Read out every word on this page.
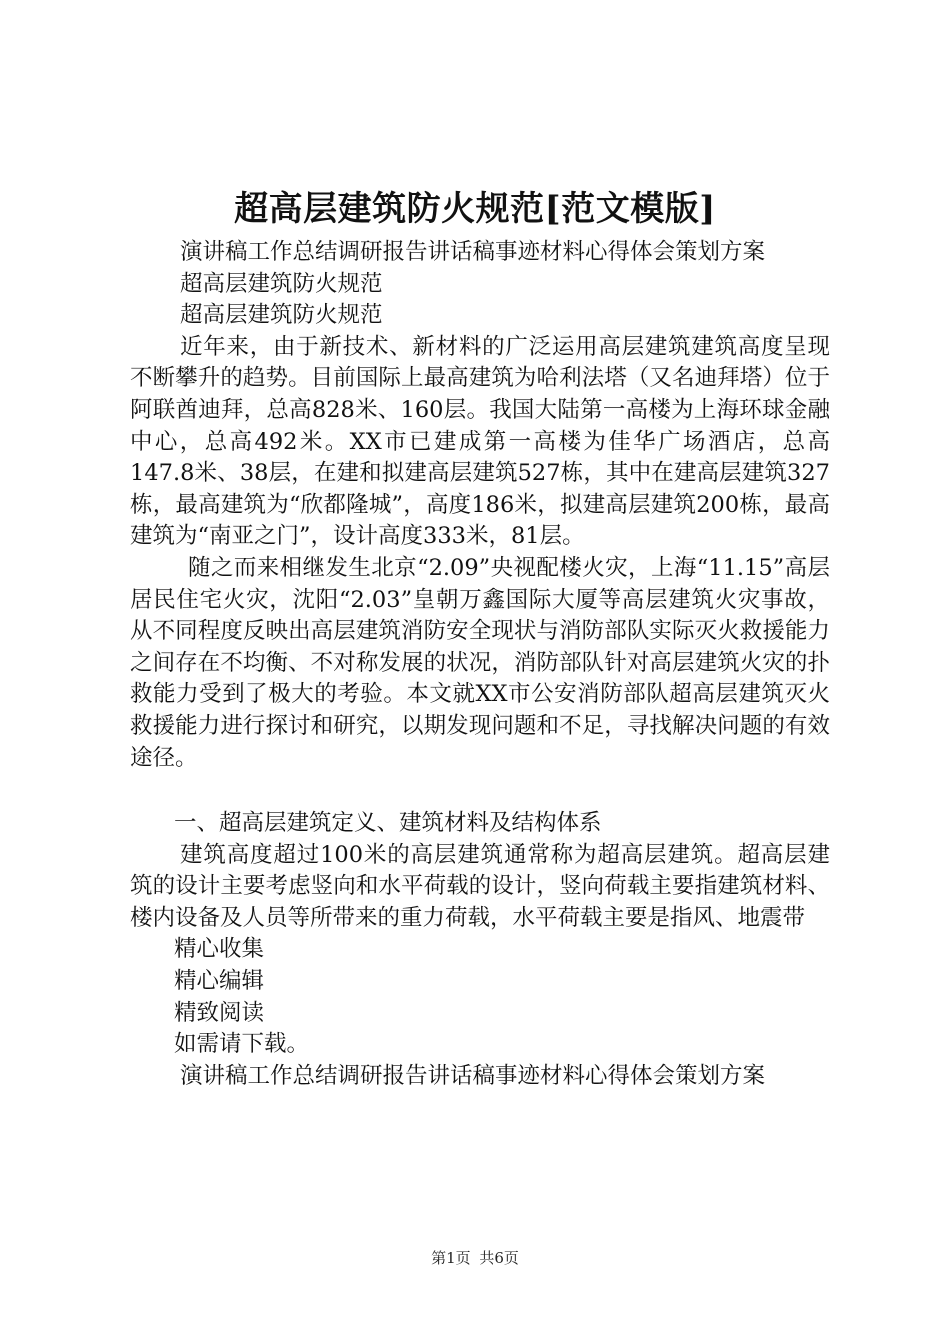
超高层建筑防火规范[范文模版]

演讲稿工作总结调研报告讲话稿事迹材料心得体会策划方案

超高层建筑防火规范

超高层建筑防火规范

近年来，由于新技术、新材料的广泛运用高层建筑建筑高度呈现不断攀升的趋势。目前国际上最高建筑为哈利法塔（又名迪拜塔）位于阿联酋迪拜，总高828米、160层。我国大陆第一高楼为上海环球金融中心，总高492米。XX市已建成第一高楼为佳华广场酒店，总高147.8米、38层，在建和拟建高层建筑527栋，其中在建高层建筑327栋，最高建筑为“欣都隆城”，高度186米，拟建高层建筑200栋，最高建筑为“南亚之门”，设计高度333米，81层。

随之而来相继发生北京“2.09”央视配楼火灾，上海“11.15”高层居民住宅火灾，沈阳“2.03”皇朝万鑫国际大厦等高层建筑火灾事故，从不同程度反映出高层建筑消防安全现状与消防部队实际灭火救援能力之间存在不均衡、不对称发展的状况，消防部队针对高层建筑火灾的扑救能力受到了极大的考验。本文就XX市公安消防部队超高层建筑灭火救援能力进行探讨和研究，以期发现问题和不足，寻找解决问题的有效途径。

一、超高层建筑定义、建筑材料及结构体系

建筑高度超过100米的高层建筑通常称为超高层建筑。超高层建筑的设计主要考虑竖向和水平荷载的设计，竖向荷载主要指建筑材料、楼内设备及人员等所带来的重力荷载，水平荷载主要是指风、地震带

精心收集

精心编辑

精致阅读

如需请下载。

演讲稿工作总结调研报告讲话稿事迹材料心得体会策划方案

第1页 共6页
